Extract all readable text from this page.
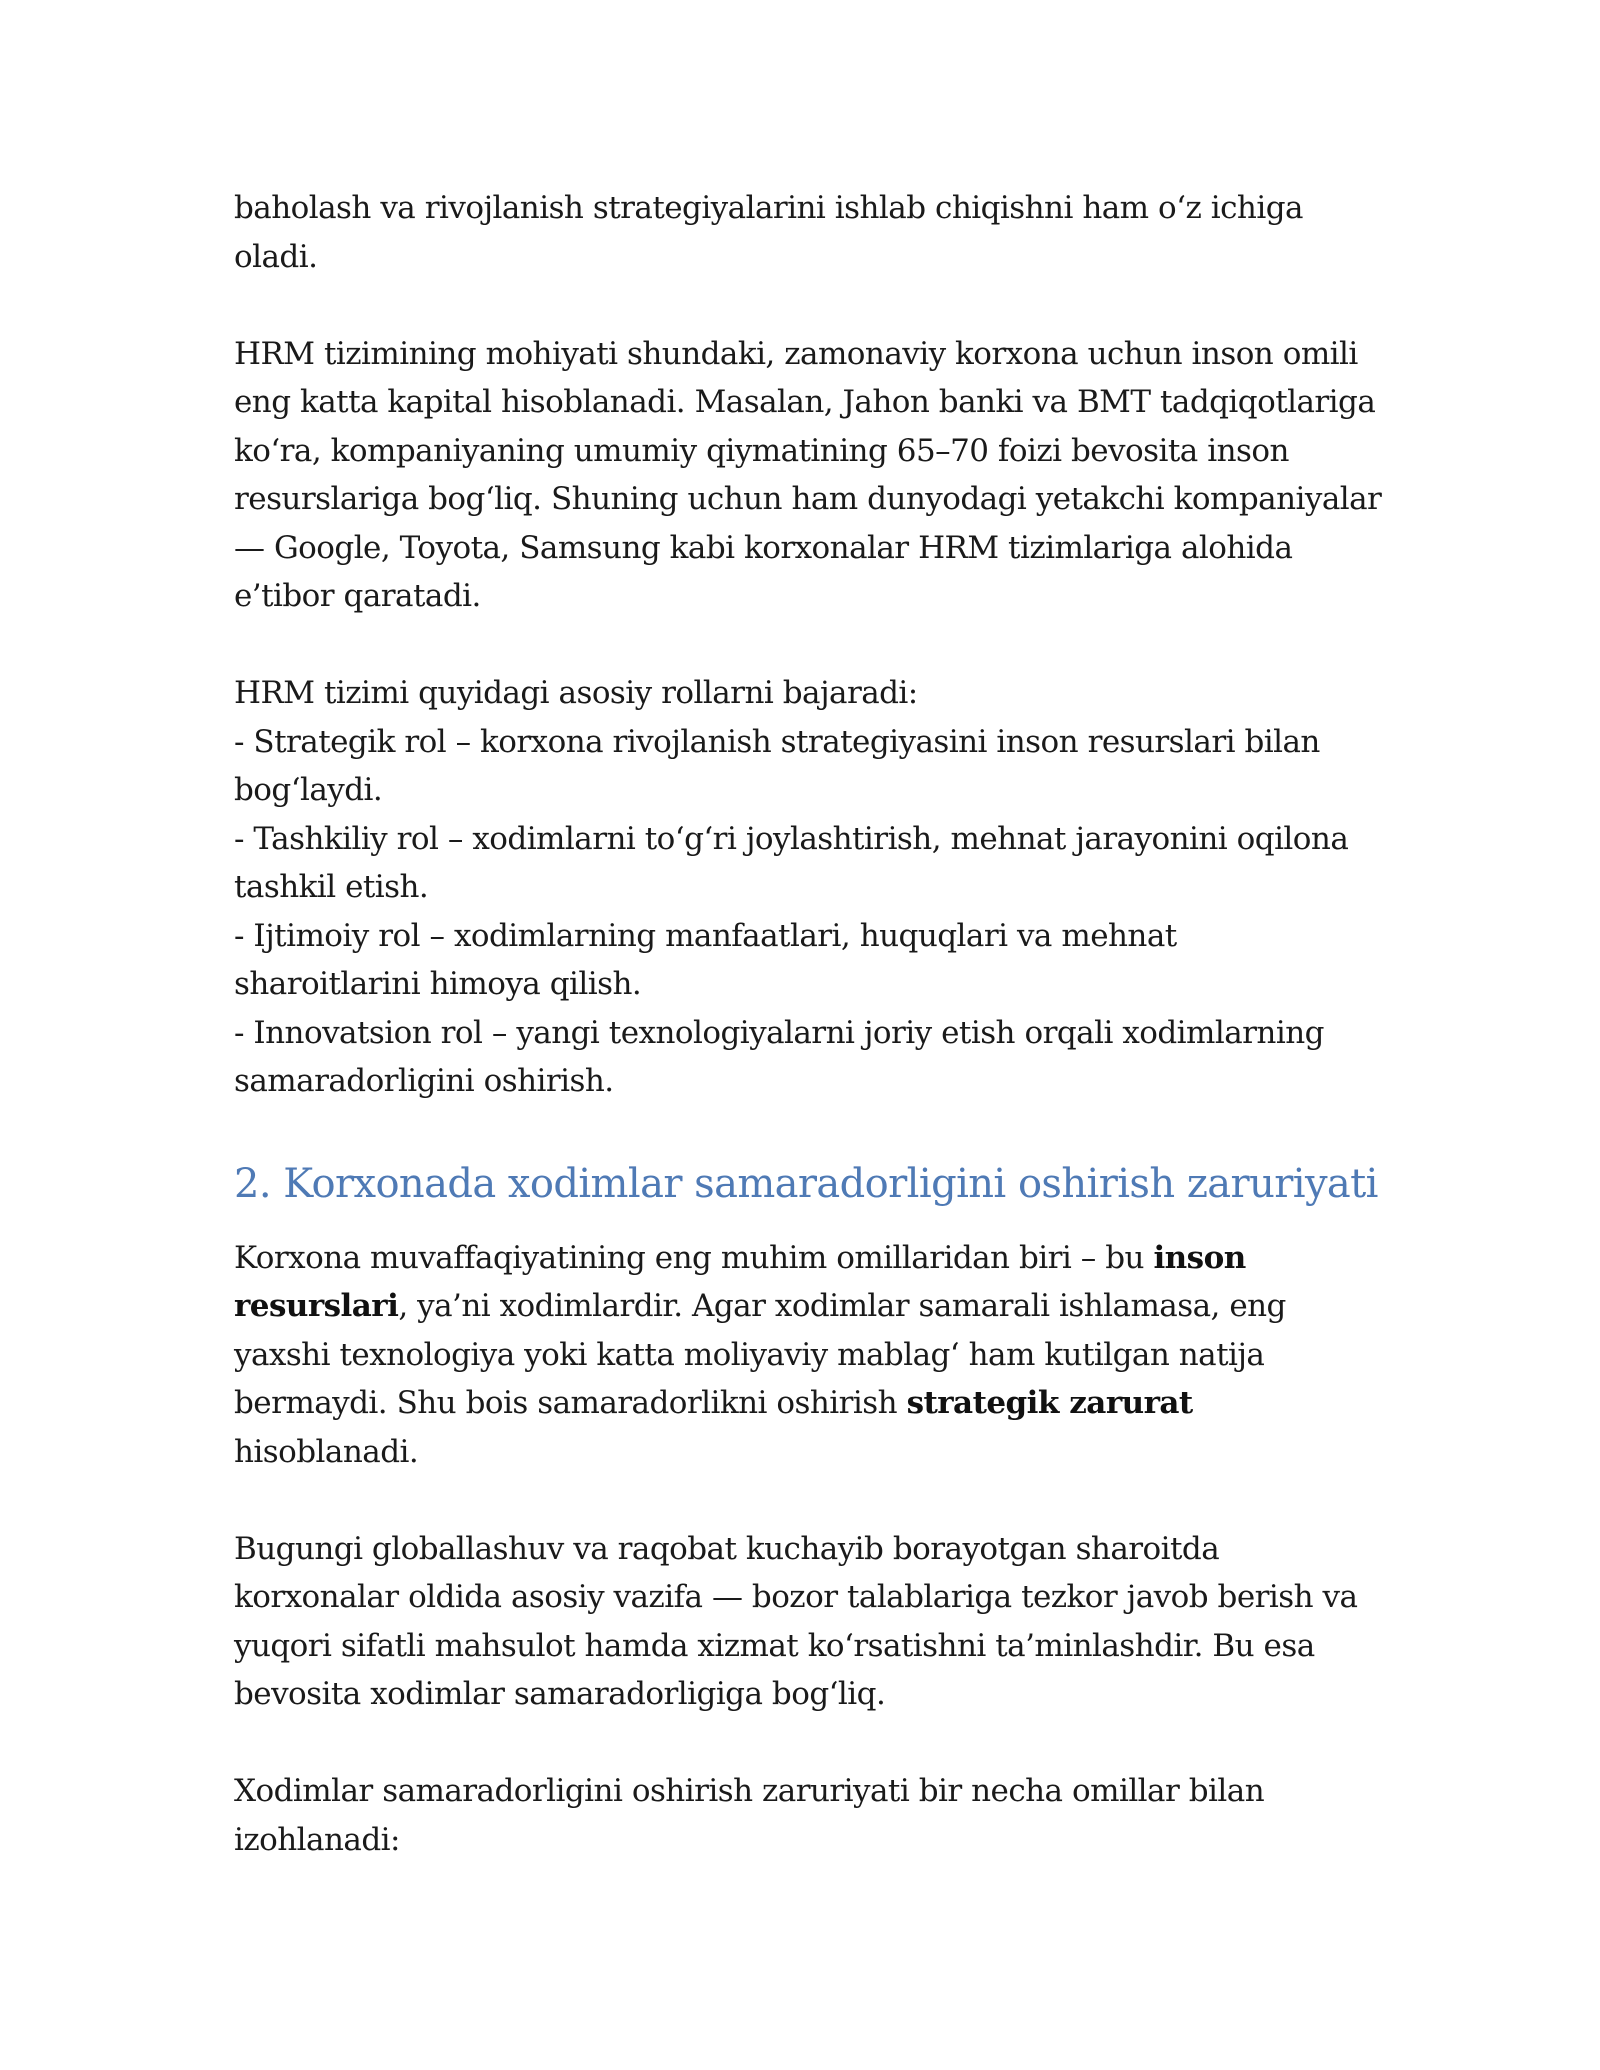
baholash va rivojlanish strategiyalarini ishlab chiqishni ham o‘z ichiga
oladi.

HRM tizimining mohiyati shundaki, zamonaviy korxona uchun inson omili
eng katta kapital hisoblanadi. Masalan, Jahon banki va BMT tadqiqotlariga
ko‘ra, kompaniyaning umumiy qiymatining 65–70 foizi bevosita inson
resurslariga bog‘liq. Shuning uchun ham dunyodagi yetakchi kompaniyalar
— Google, Toyota, Samsung kabi korxonalar HRM tizimlariga alohida
e’tibor qaratadi.

HRM tizimi quyidagi asosiy rollarni bajaradi:
- Strategik rol – korxona rivojlanish strategiyasini inson resurslari bilan
bog‘laydi.
- Tashkiliy rol – xodimlarni to‘g‘ri joylashtirish, mehnat jarayonini oqilona
tashkil etish.
- Ijtimoiy rol – xodimlarning manfaatlari, huquqlari va mehnat
sharoitlarini himoya qilish.
- Innovatsion rol – yangi texnologiyalarni joriy etish orqali xodimlarning
samaradorligini oshirish.

2. Korxonada xodimlar samaradorligini oshirish zaruriyati

Korxona muvaffaqiyatining eng muhim omillaridan biri – bu inson
resurslari, ya’ni xodimlardir. Agar xodimlar samarali ishlamasa, eng
yaxshi texnologiya yoki katta moliyaviy mablag‘ ham kutilgan natija
bermaydi. Shu bois samaradorlikni oshirish strategik zarurat
hisoblanadi.

Bugungi globallashuv va raqobat kuchayib borayotgan sharoitda
korxonalar oldida asosiy vazifa — bozor talablariga tezkor javob berish va
yuqori sifatli mahsulot hamda xizmat ko‘rsatishni ta’minlashdir. Bu esa
bevosita xodimlar samaradorligiga bog‘liq.

Xodimlar samaradorligini oshirish zaruriyati bir necha omillar bilan
izohlanadi:
